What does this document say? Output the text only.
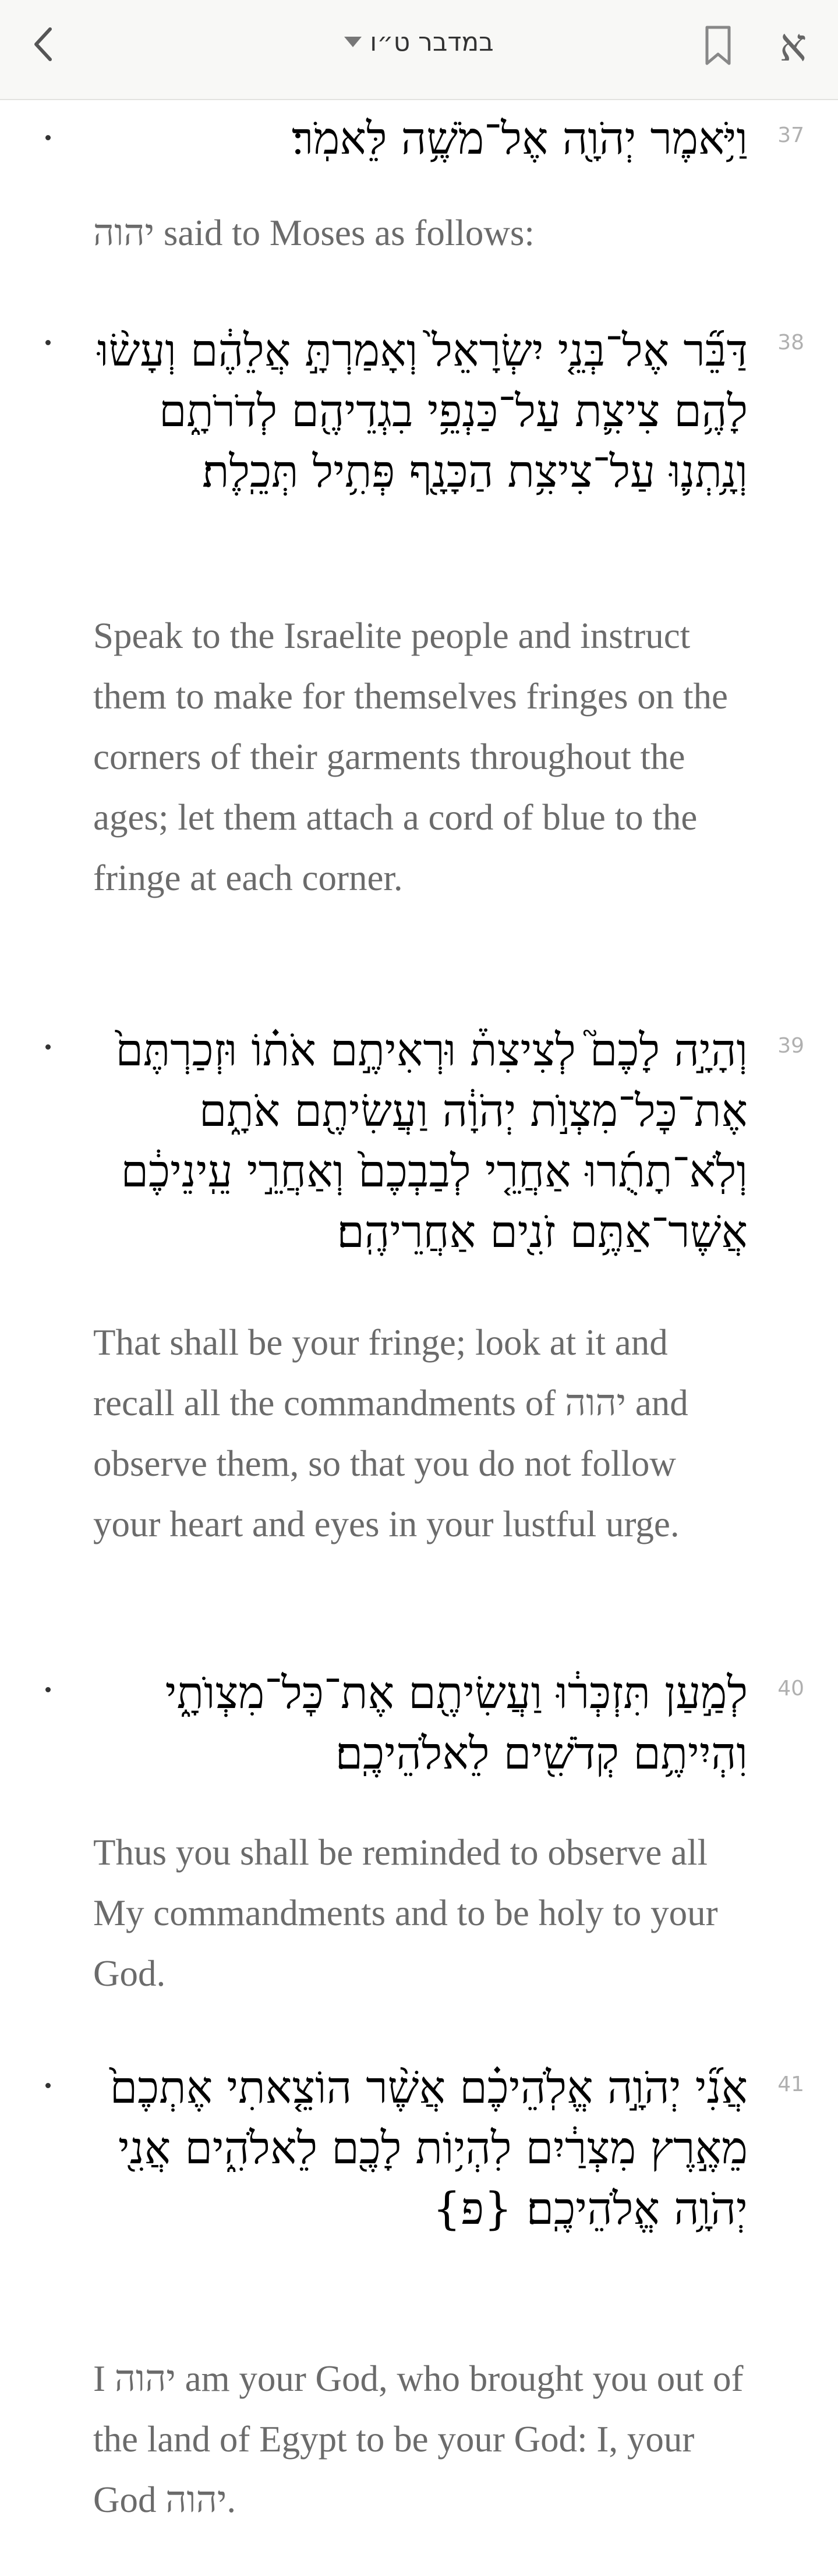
במדבר ט״ו	א
37

וַיֹּ֥אמֶר יְהֹוָ֖ה אֶל־מֹשֶׁ֥ה לֵּאמֹֽר׃

יהוה said to Moses as follows:

38

דַּבֵּ֞ר אֶל־בְּנֵ֤י יִשְׂרָאֵל֙ וְאָמַרְתָּ֣ אֲלֵהֶ֔ם וְעָשׂ֨וּ לָהֶ֥ם צִיצִ֛ת עַל־כַּנְפֵ֥י בִגְדֵיהֶ֖ם לְדֹרֹתָ֑ם וְנָ֥תְנ֛וּ עַל־צִיצִ֥ת הַכָּנָ֖ף פְּתִ֥יל תְּכֵֽלֶת׃

Speak to the Israelite people and instruct them to make for themselves fringes on the corners of their garments throughout the ages; let them attach a cord of blue to the fringe at each corner.

39

וְהָיָ֣ה לָכֶם֮ לְצִיצִת֒ וּרְאִיתֶ֣ם אֹת֗וֹ וּזְכַרְתֶּם֙ אֶת־כׇּל־מִצְוֺ֣ת יְהֹוָ֔ה וַעֲשִׂיתֶ֖ם אֹתָ֑ם וְלֹֽא־תָתֻ֜רוּ אַחֲרֵ֤י לְבַבְכֶם֙ וְאַחֲרֵ֣י עֵֽינֵיכֶ֔ם אֲשֶׁר־אַתֶּ֥ם זֹנִ֖ים אַחֲרֵיהֶֽם׃

That shall be your fringe; look at it and recall all the commandments of יהוה and observe them, so that you do not follow your heart and eyes in your lustful urge.

40

לְמַ֣עַן תִּזְכְּר֔וּ וַעֲשִׂיתֶ֖ם אֶת־כׇּל־מִצְוֺתָ֑י וִהְיִיתֶ֥ם קְדֹשִׁ֖ים לֵאלֹהֵיכֶֽם׃

Thus you shall be reminded to observe all My commandments and to be holy to your God.

41

אֲנִ֞י יְהֹוָ֣ה אֱלֹֽהֵיכֶ֗ם אֲשֶׁ֨ר הוֹצֵ֤אתִי אֶתְכֶם֙ מֵאֶ֣רֶץ מִצְרַ֔יִם לִהְי֥וֹת לָכֶ֖ם לֵאלֹהִ֑ים אֲנִ֖י יְהֹוָ֥ה אֱלֹהֵיכֶֽם׃ {פ}

I יהוה am your God, who brought you out of the land of Egypt to be your God: I, your God יהוה.
